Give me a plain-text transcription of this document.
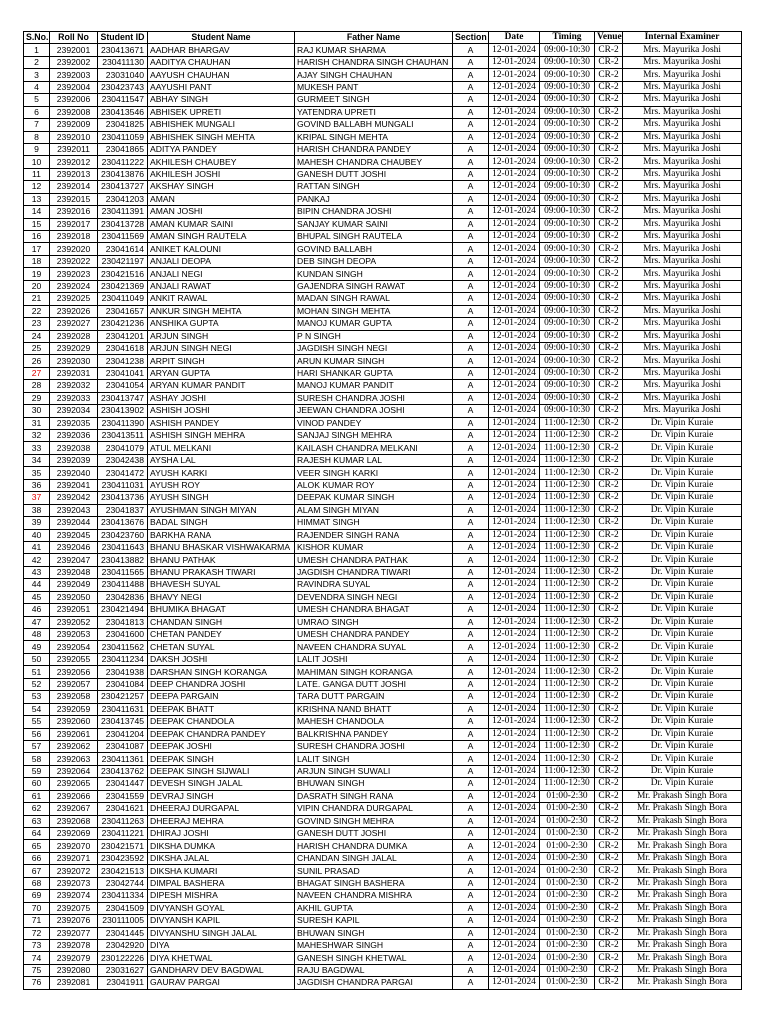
S.No.	Roll No	Student ID	Student Name	Father Name	Section	Date	Timing	Venue	Internal Examiner
1	2392001	230413671	AADHAR BHARGAV	RAJ KUMAR SHARMA	A	12-01-2024	09:00-10:30	CR-2	Mrs. Mayurika Joshi
2	2392002	230411130	AADITYA CHAUHAN	HARISH CHANDRA SINGH CHAUHAN	A	12-01-2024	09:00-10:30	CR-2	Mrs. Mayurika Joshi
3	2392003	23031040	AAYUSH CHAUHAN	AJAY SINGH CHAUHAN	A	12-01-2024	09:00-10:30	CR-2	Mrs. Mayurika Joshi
4	2392004	230423743	AAYUSHI PANT	MUKESH PANT	A	12-01-2024	09:00-10:30	CR-2	Mrs. Mayurika Joshi
5	2392006	230411547	ABHAY SINGH	GURMEET SINGH	A	12-01-2024	09:00-10:30	CR-2	Mrs. Mayurika Joshi
6	2392008	230413546	ABHISEK UPRETI	YATENDRA UPRETI	A	12-01-2024	09:00-10:30	CR-2	Mrs. Mayurika Joshi
7	2392009	23041825	ABHISHEK MUNGALI	GOVIND BALLABH MUNGALI	A	12-01-2024	09:00-10:30	CR-2	Mrs. Mayurika Joshi
8	2392010	230411059	ABHISHEK SINGH MEHTA	KRIPAL SINGH MEHTA	A	12-01-2024	09:00-10:30	CR-2	Mrs. Mayurika Joshi
9	2392011	23041865	ADITYA PANDEY	HARISH CHANDRA PANDEY	A	12-01-2024	09:00-10:30	CR-2	Mrs. Mayurika Joshi
10	2392012	230411222	AKHILESH CHAUBEY	MAHESH CHANDRA CHAUBEY	A	12-01-2024	09:00-10:30	CR-2	Mrs. Mayurika Joshi
11	2392013	230413876	AKHILESH JOSHI	GANESH DUTT JOSHI	A	12-01-2024	09:00-10:30	CR-2	Mrs. Mayurika Joshi
12	2392014	230413727	AKSHAY SINGH	RATTAN SINGH	A	12-01-2024	09:00-10:30	CR-2	Mrs. Mayurika Joshi
13	2392015	23041203	AMAN	PANKAJ	A	12-01-2024	09:00-10:30	CR-2	Mrs. Mayurika Joshi
14	2392016	230411391	AMAN JOSHI	BIPIN CHANDRA JOSHI	A	12-01-2024	09:00-10:30	CR-2	Mrs. Mayurika Joshi
15	2392017	230413728	AMAN KUMAR SAINI	SANJAY KUMAR SAINI	A	12-01-2024	09:00-10:30	CR-2	Mrs. Mayurika Joshi
16	2392018	230411569	AMAN SINGH RAUTELA	BHUPAL SINGH RAUTELA	A	12-01-2024	09:00-10:30	CR-2	Mrs. Mayurika Joshi
17	2392020	23041614	ANIKET KALOUNI	GOVIND BALLABH	A	12-01-2024	09:00-10:30	CR-2	Mrs. Mayurika Joshi
18	2392022	230421197	ANJALI DEOPA	DEB SINGH DEOPA	A	12-01-2024	09:00-10:30	CR-2	Mrs. Mayurika Joshi
19	2392023	230421516	ANJALI NEGI	KUNDAN SINGH	A	12-01-2024	09:00-10:30	CR-2	Mrs. Mayurika Joshi
20	2392024	230421369	ANJALI RAWAT	GAJENDRA SINGH RAWAT	A	12-01-2024	09:00-10:30	CR-2	Mrs. Mayurika Joshi
21	2392025	230411049	ANKIT RAWAL	MADAN SINGH RAWAL	A	12-01-2024	09:00-10:30	CR-2	Mrs. Mayurika Joshi
22	2392026	23041657	ANKUR SINGH MEHTA	MOHAN SINGH MEHTA	A	12-01-2024	09:00-10:30	CR-2	Mrs. Mayurika Joshi
23	2392027	230421236	ANSHIKA GUPTA	MANOJ KUMAR GUPTA	A	12-01-2024	09:00-10:30	CR-2	Mrs. Mayurika Joshi
24	2392028	23041201	ARJUN SINGH	P N SINGH	A	12-01-2024	09:00-10:30	CR-2	Mrs. Mayurika Joshi
25	2392029	23041618	ARJUN SINGH NEGI	JAGDISH SINGH NEGI	A	12-01-2024	09:00-10:30	CR-2	Mrs. Mayurika Joshi
26	2392030	23041238	ARPIT SINGH	ARUN KUMAR SINGH	A	12-01-2024	09:00-10:30	CR-2	Mrs. Mayurika Joshi
27	2392031	23041041	ARYAN GUPTA	HARI SHANKAR GUPTA	A	12-01-2024	09:00-10:30	CR-2	Mrs. Mayurika Joshi
28	2392032	23041054	ARYAN KUMAR PANDIT	MANOJ KUMAR PANDIT	A	12-01-2024	09:00-10:30	CR-2	Mrs. Mayurika Joshi
29	2392033	230413747	ASHAY JOSHI	SURESH CHANDRA JOSHI	A	12-01-2024	09:00-10:30	CR-2	Mrs. Mayurika Joshi
30	2392034	230413902	ASHISH JOSHI	JEEWAN CHANDRA JOSHI	A	12-01-2024	09:00-10:30	CR-2	Mrs. Mayurika Joshi
31	2392035	230411390	ASHISH PANDEY	VINOD PANDEY	A	12-01-2024	11:00-12:30	CR-2	Dr. Vipin Kuraie
32	2392036	230413511	ASHISH SINGH MEHRA	SANJAJ SINGH MEHRA	A	12-01-2024	11:00-12:30	CR-2	Dr. Vipin Kuraie
33	2392038	23041079	ATUL MELKANI	KAILASH CHANDRA MELKANI	A	12-01-2024	11:00-12:30	CR-2	Dr. Vipin Kuraie
34	2392039	23042438	AYSHA LAL	RAJESH KUMAR LAL	A	12-01-2024	11:00-12:30	CR-2	Dr. Vipin Kuraie
35	2392040	23041472	AYUSH KARKI	VEER SINGH KARKI	A	12-01-2024	11:00-12:30	CR-2	Dr. Vipin Kuraie
36	2392041	230411031	AYUSH ROY	ALOK KUMAR ROY	A	12-01-2024	11:00-12:30	CR-2	Dr. Vipin Kuraie
37	2392042	230413736	AYUSH SINGH	DEEPAK KUMAR SINGH	A	12-01-2024	11:00-12:30	CR-2	Dr. Vipin Kuraie
38	2392043	23041837	AYUSHMAN SINGH MIYAN	ALAM SINGH MIYAN	A	12-01-2024	11:00-12:30	CR-2	Dr. Vipin Kuraie
39	2392044	230413676	BADAL SINGH	HIMMAT SINGH	A	12-01-2024	11:00-12:30	CR-2	Dr. Vipin Kuraie
40	2392045	230423760	BARKHA RANA	RAJENDER SINGH RANA	A	12-01-2024	11:00-12:30	CR-2	Dr. Vipin Kuraie
41	2392046	230411643	BHANU BHASKAR VISHWAKARMA	KISHOR KUMAR	A	12-01-2024	11:00-12:30	CR-2	Dr. Vipin Kuraie
42	2392047	230413882	BHANU PATHAK	UMESH CHANDRA PATHAK	A	12-01-2024	11:00-12:30	CR-2	Dr. Vipin Kuraie
43	2392048	230411565	BHANU PRAKASH TIWARI	JAGDISH CHANDRA TIWARI	A	12-01-2024	11:00-12:30	CR-2	Dr. Vipin Kuraie
44	2392049	230411488	BHAVESH SUYAL	RAVINDRA SUYAL	A	12-01-2024	11:00-12:30	CR-2	Dr. Vipin Kuraie
45	2392050	23042836	BHAVY NEGI	DEVENDRA SINGH NEGI	A	12-01-2024	11:00-12:30	CR-2	Dr. Vipin Kuraie
46	2392051	230421494	BHUMIKA BHAGAT	UMESH CHANDRA BHAGAT	A	12-01-2024	11:00-12:30	CR-2	Dr. Vipin Kuraie
47	2392052	23041813	CHANDAN SINGH	UMRAO SINGH	A	12-01-2024	11:00-12:30	CR-2	Dr. Vipin Kuraie
48	2392053	23041600	CHETAN PANDEY	UMESH CHANDRA PANDEY	A	12-01-2024	11:00-12:30	CR-2	Dr. Vipin Kuraie
49	2392054	230411562	CHETAN SUYAL	NAVEEN CHANDRA SUYAL	A	12-01-2024	11:00-12:30	CR-2	Dr. Vipin Kuraie
50	2392055	230411234	DAKSH JOSHI	LALIT JOSHI	A	12-01-2024	11:00-12:30	CR-2	Dr. Vipin Kuraie
51	2392056	23041938	DARSHAN SINGH KORANGA	MAHIMAN SINGH KORANGA	A	12-01-2024	11:00-12:30	CR-2	Dr. Vipin Kuraie
52	2392057	23041084	DEEP CHANDRA JOSHI	LATE. GANGA DUTT JOSHI	A	12-01-2024	11:00-12:30	CR-2	Dr. Vipin Kuraie
53	2392058	230421257	DEEPA PARGAIN	TARA DUTT PARGAIN	A	12-01-2024	11:00-12:30	CR-2	Dr. Vipin Kuraie
54	2392059	230411631	DEEPAK BHATT	KRISHNA NAND BHATT	A	12-01-2024	11:00-12:30	CR-2	Dr. Vipin Kuraie
55	2392060	230413745	DEEPAK CHANDOLA	MAHESH CHANDOLA	A	12-01-2024	11:00-12:30	CR-2	Dr. Vipin Kuraie
56	2392061	23041204	DEEPAK CHANDRA PANDEY	BALKRISHNA PANDEY	A	12-01-2024	11:00-12:30	CR-2	Dr. Vipin Kuraie
57	2392062	23041087	DEEPAK JOSHI	SURESH CHANDRA JOSHI	A	12-01-2024	11:00-12:30	CR-2	Dr. Vipin Kuraie
58	2392063	230411361	DEEPAK SINGH	LALIT SINGH	A	12-01-2024	11:00-12:30	CR-2	Dr. Vipin Kuraie
59	2392064	230413762	DEEPAK SINGH SIJWALI	ARJUN SINGH SUWALI	A	12-01-2024	11:00-12:30	CR-2	Dr. Vipin Kuraie
60	2392065	23041447	DEVESH SINGH JALAL	BHUWAN SINGH	A	12-01-2024	11:00-12:30	CR-2	Dr. Vipin Kuraie
61	2392066	23041559	DEVRAJ SINGH	DASRATH SINGH RANA	A	12-01-2024	01:00-2:30	CR-2	Mr. Prakash Singh Bora
62	2392067	23041621	DHEERAJ DURGAPAL	VIPIN CHANDRA DURGAPAL	A	12-01-2024	01:00-2:30	CR-2	Mr. Prakash Singh Bora
63	2392068	230411263	DHEERAJ MEHRA	GOVIND SINGH MEHRA	A	12-01-2024	01:00-2:30	CR-2	Mr. Prakash Singh Bora
64	2392069	230411221	DHIRAJ JOSHI	GANESH DUTT JOSHI	A	12-01-2024	01:00-2:30	CR-2	Mr. Prakash Singh Bora
65	2392070	230421571	DIKSHA DUMKA	HARISH CHANDRA DUMKA	A	12-01-2024	01:00-2:30	CR-2	Mr. Prakash Singh Bora
66	2392071	230423592	DIKSHA JALAL	CHANDAN SINGH JALAL	A	12-01-2024	01:00-2:30	CR-2	Mr. Prakash Singh Bora
67	2392072	230421513	DIKSHA KUMARI	SUNIL PRASAD	A	12-01-2024	01:00-2:30	CR-2	Mr. Prakash Singh Bora
68	2392073	23042744	DIMPAL BASHERA	BHAGAT SINGH BASHERA	A	12-01-2024	01:00-2:30	CR-2	Mr. Prakash Singh Bora
69	2392074	230411334	DIPESH MISHRA	NAVEEN CHANDRA MISHRA	A	12-01-2024	01:00-2:30	CR-2	Mr. Prakash Singh Bora
70	2392075	23041509	DIVYANSH GOYAL	AKHIL GUPTA	A	12-01-2024	01:00-2:30	CR-2	Mr. Prakash Singh Bora
71	2392076	230111005	DIVYANSH KAPIL	SURESH KAPIL	A	12-01-2024	01:00-2:30	CR-2	Mr. Prakash Singh Bora
72	2392077	23041445	DIVYANSHU SINGH JALAL	BHUWAN SINGH	A	12-01-2024	01:00-2:30	CR-2	Mr. Prakash Singh Bora
73	2392078	23042920	DIYA	MAHESHWAR SINGH	A	12-01-2024	01:00-2:30	CR-2	Mr. Prakash Singh Bora
74	2392079	230122226	DIYA KHETWAL	GANESH SINGH KHETWAL	A	12-01-2024	01:00-2:30	CR-2	Mr. Prakash Singh Bora
75	2392080	23031627	GANDHARV DEV BAGDWAL	RAJU BAGDWAL	A	12-01-2024	01:00-2:30	CR-2	Mr. Prakash Singh Bora
76	2392081	23041911	GAURAV PARGAI	JAGDISH CHANDRA PARGAI	A	12-01-2024	01:00-2:30	CR-2	Mr. Prakash Singh Bora
